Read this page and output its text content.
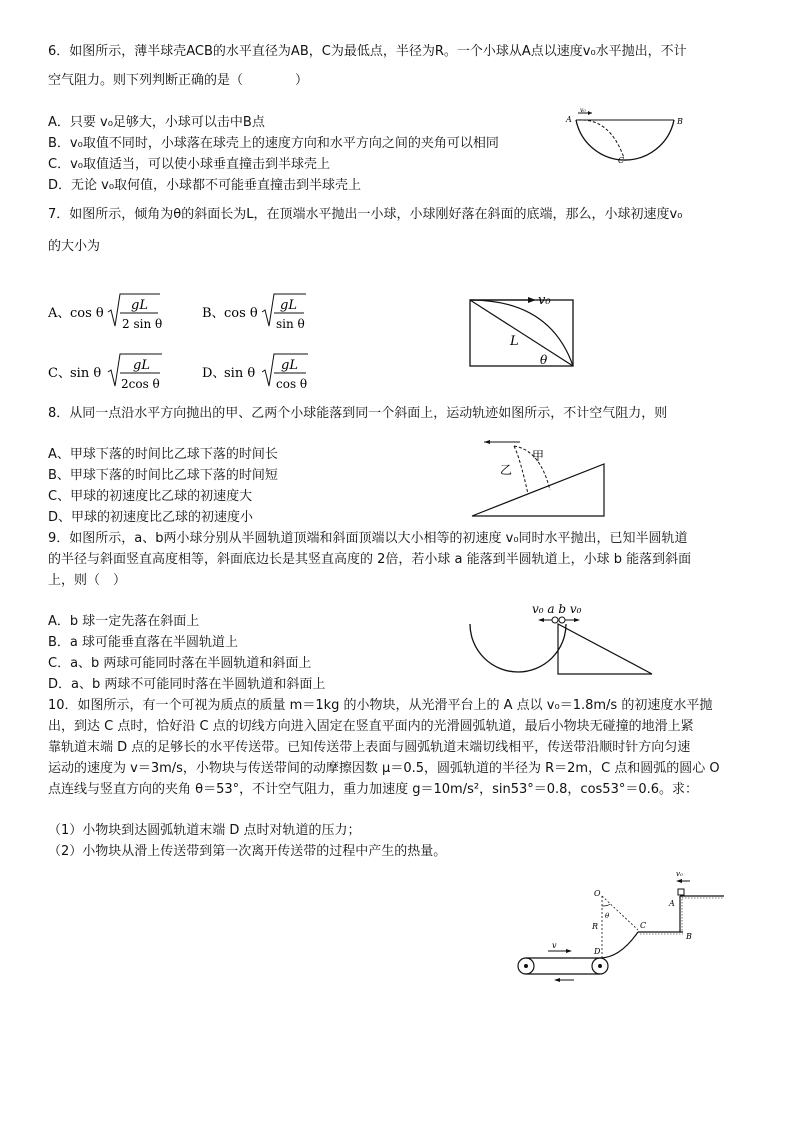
6．如图所示，薄半球壳ACB的水平直径为AB，C为最低点，半径为R。一个小球从A点以速度v₀水平抛出，不计
空气阻力。则下列判断正确的是（　　　　）
A．只要 v₀足够大，小球可以击中B点
B．v₀取值不同时，小球落在球壳上的速度方向和水平方向之间的夹角可以相同
C．v₀取值适当，可以使小球垂直撞击到半球壳上
D．无论 v₀取何值，小球都不可能垂直撞击到半球壳上
A	B
C
v₀
7．如图所示，倾角为θ的斜面长为L，在顶端水平抛出一小球，小球刚好落在斜面的底端，那么，小球初速度v₀
的大小为
A、 cos θ
gL
2 sin θ
B、 cos θ
gL
sin θ
C、 sin θ
gL
2cos θ
D、
sin θ
gL
cos θ
v₀
L
θ
8．从同一点沿水平方向抛出的甲、乙两个小球能落到同一个斜面上，运动轨迹如图所示，不计空气阻力，则
A、甲球下落的时间比乙球下落的时间长
B、甲球下落的时间比乙球下落的时间短
C、甲球的初速度比乙球的初速度大
D、甲球的初速度比乙球的初速度小
甲
乙
9．如图所示，a、b两小球分别从半圆轨道顶端和斜面顶端以大小相等的初速度 v₀同时水平抛出，已知半圆轨道
的半径与斜面竖直高度相等，斜面底边长是其竖直高度的 2倍，若小球 a 能落到半圆轨道上，小球 b 能落到斜面
上，则（　）
A．b 球一定先落在斜面上
B．a 球可能垂直落在半圆轨道上
C．a、b 两球可能同时落在半圆轨道和斜面上
D．a、b 两球不可能同时落在半圆轨道和斜面上
v₀ a b v₀
10．如图所示，有一个可视为质点的质量 m＝1kg 的小物块，从光滑平台上的 A 点以 v₀＝1.8m/s 的初速度水平抛
出，到达 C 点时，恰好沿 C 点的切线方向进入固定在竖直平面内的光滑圆弧轨道，最后小物块无碰撞的地滑上紧
靠轨道末端 D 点的足够长的水平传送带。已知传送带上表面与圆弧轨道末端切线相平，传送带沿顺时针方向匀速
运动的速度为 v＝3m/s，小物块与传送带间的动摩擦因数 μ＝0.5，圆弧轨道的半径为 R＝2m，C 点和圆弧的圆心 O
点连线与竖直方向的夹角 θ＝53°，不计空气阻力，重力加速度 g＝10m/s²，sin53°＝0.8，cos53°＝0.6。求：
（1）小物块到达圆弧轨道末端 D 点时对轨道的压力；
（2）小物块从滑上传送带到第一次离开传送带的过程中产生的热量。
v
O
R
θ
C
D
B
v₀
A
